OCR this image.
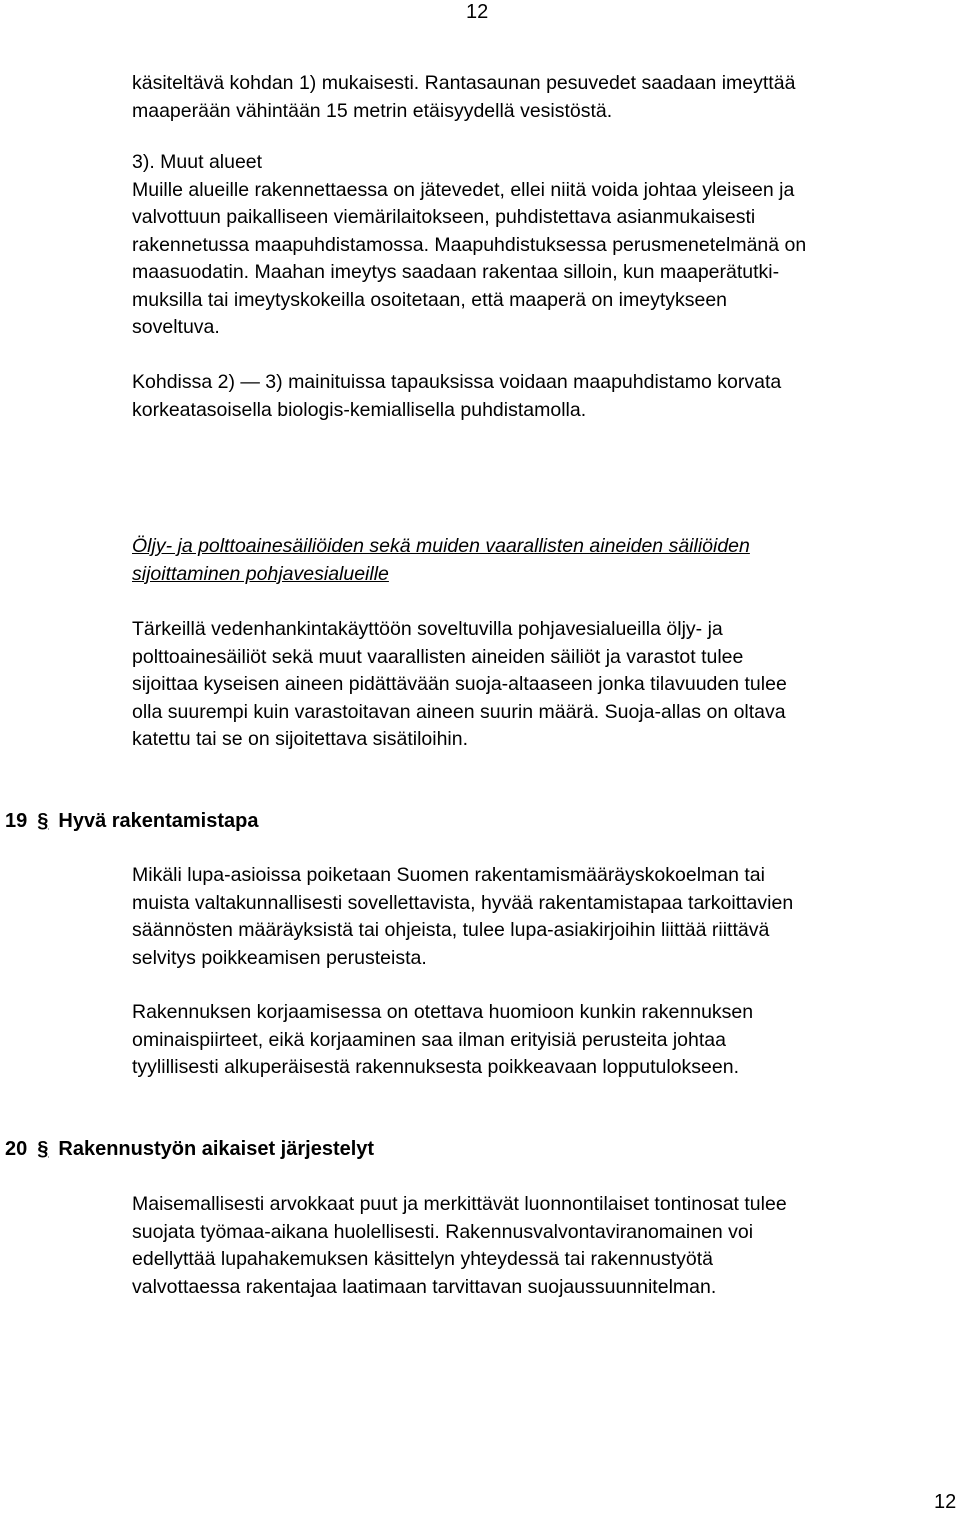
12
käsiteltävä kohdan 1) mukaisesti. Rantasaunan pesuvedet saadaan imeyttää
maaperään vähintään 15 metrin etäisyydellä vesistöstä.
3). Muut alueet
Muille alueille rakennettaessa on jätevedet, ellei niitä voida johtaa yleiseen ja
valvottuun paikalliseen viemärilaitokseen, puhdistettava asianmukaisesti
rakennetussa maapuhdistamossa. Maapuhdistuksessa perusmenetelmänä on
maasuodatin. Maahan imeytys saadaan rakentaa silloin, kun maaperätutki-
muksilla tai imeytyskokeilla osoitetaan, että maaperä on imeytykseen
soveltuva.
Kohdissa 2) — 3) mainituissa tapauksissa voidaan maapuhdistamo korvata
korkeatasoisella biologis-kemiallisella puhdistamolla.
Öljy- ja polttoainesäiliöiden sekä muiden vaarallisten aineiden säiliöiden
sijoittaminen pohjavesialueille
Tärkeillä vedenhankintakäyttöön soveltuvilla pohjavesialueilla öljy- ja
polttoainesäiliöt sekä muut vaarallisten aineiden säiliöt ja varastot tulee
sijoittaa kyseisen aineen pidättävään suoja-altaaseen jonka tilavuuden tulee
olla suurempi kuin varastoitavan aineen suurin määrä. Suoja-allas on oltava
katettu tai se on sijoitettava sisätiloihin.
19 § Hyvä rakentamistapa
Mikäli lupa-asioissa poiketaan Suomen rakentamismääräyskokoelman tai
muista valtakunnallisesti sovellettavista, hyvää rakentamistapaa tarkoittavien
säännösten määräyksistä tai ohjeista, tulee lupa-asiakirjoihin liittää riittävä
selvitys poikkeamisen perusteista.
Rakennuksen korjaamisessa on otettava huomioon kunkin rakennuksen
ominaispiirteet, eikä korjaaminen saa ilman erityisiä perusteita johtaa
tyylillisesti alkuperäisestä rakennuksesta poikkeavaan lopputulokseen.
20 § Rakennustyön aikaiset järjestelyt
Maisemallisesti arvokkaat puut ja merkittävät luonnontilaiset tontinosat tulee
suojata työmaa-aikana huolellisesti. Rakennusvalvontaviranomainen voi
edellyttää lupahakemuksen käsittelyn yhteydessä tai rakennustyötä
valvottaessa rakentajaa laatimaan tarvittavan suojaussuunnitelman.
12
